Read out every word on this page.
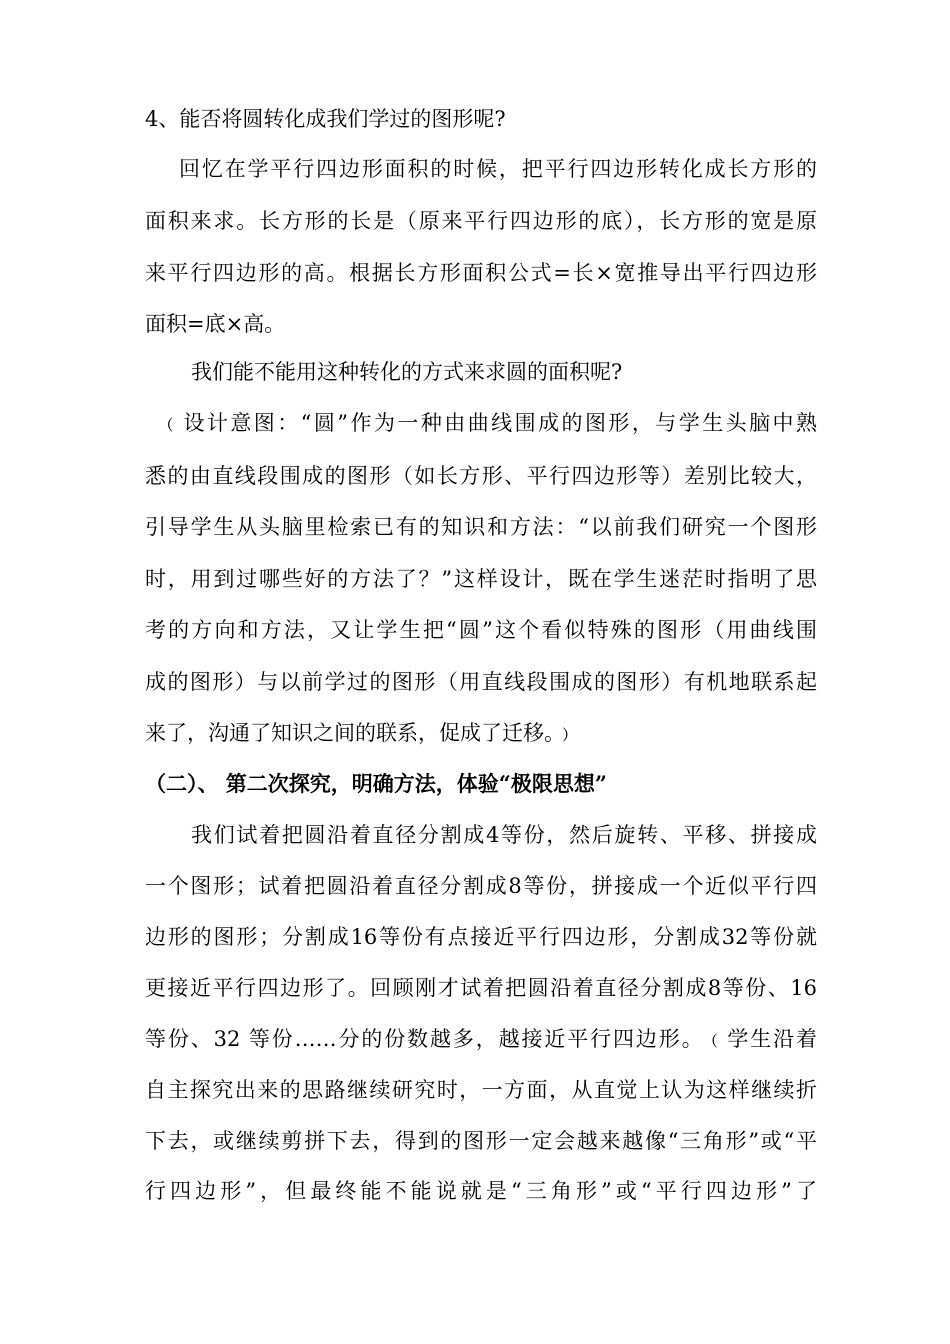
4、能否将圆转化成我们学过的图形呢?

回忆在学平行四边形面积的时候，把平行四边形转化成长方形的

面积来求。长方形的长是（原来平行四边形的底），长方形的宽是原

来平行四边形的高。根据长方形面积公式=长×宽推导出平行四边形

面积=底×高。

我们能不能用这种转化的方式来求圆的面积呢?

﹙设计意图：“圆”作为一种由曲线围成的图形，与学生头脑中熟

悉的由直线段围成的图形（如长方形、平行四边形等）差别比较大，

引导学生从头脑里检索已有的知识和方法：“以前我们研究一个图形

时，用到过哪些好的方法了？”这样设计，既在学生迷茫时指明了思

考的方向和方法，又让学生把“圆”这个看似特殊的图形（用曲线围

成的图形）与以前学过的图形（用直线段围成的图形）有机地联系起

来了，沟通了知识之间的联系，促成了迁移。﹚

（二）、 第二次探究，明确方法，体验“极限思想”

我们试着把圆沿着直径分割成4等份，然后旋转、平移、拼接成

一个图形；试着把圆沿着直径分割成8等份，拼接成一个近似平行四

边形的图形；分割成16等份有点接近平行四边形，分割成32等份就

更接近平行四边形了。回顾刚才试着把圆沿着直径分割成8等份、16

等份、32 等份……分的份数越多，越接近平行四边形。﹙学生沿着

自主探究出来的思路继续研究时，一方面，从直觉上认为这样继续折

下去，或继续剪拼下去，得到的图形一定会越来越像“三角形”或“平

行四边形”，但最终能不能说就是“三角形”或“平行四边形”了
